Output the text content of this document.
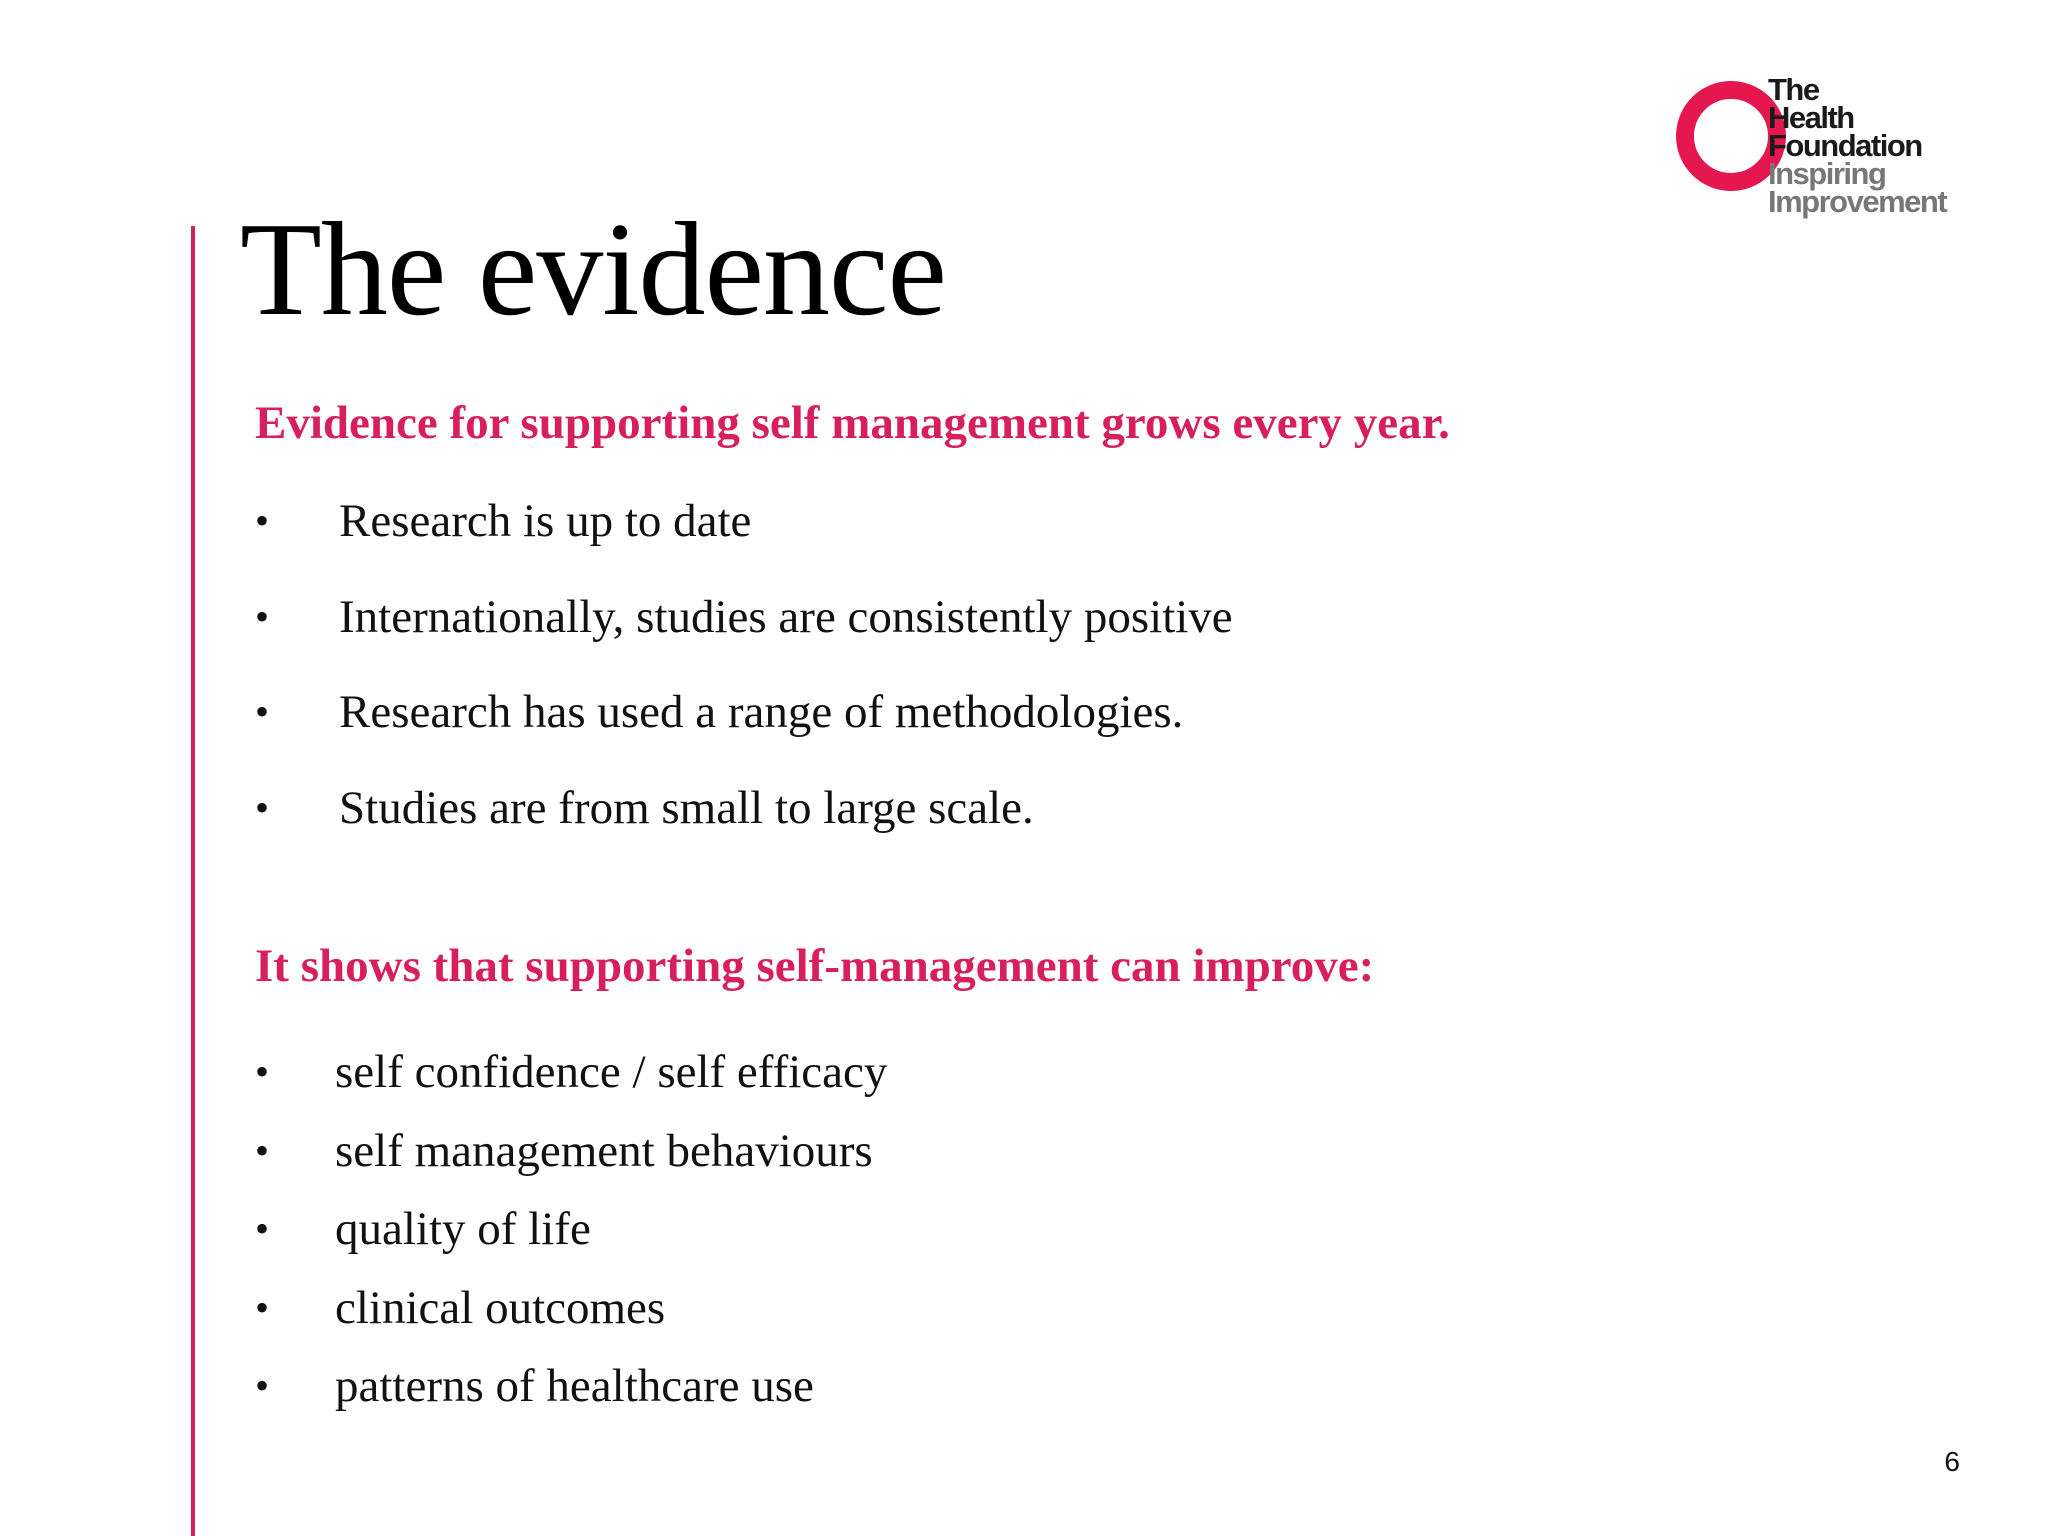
The
Health
Foundation
Inspiring
Improvement
The evidence
Evidence for supporting self management grows every year.
• Research is up to date
• Internationally, studies are consistently positive
• Research has used a range of methodologies.
• Studies are from small to large scale.
It shows that supporting self-management can improve:
• self confidence / self efficacy
• self management behaviours
• quality of life
• clinical outcomes
• patterns of healthcare use
6
